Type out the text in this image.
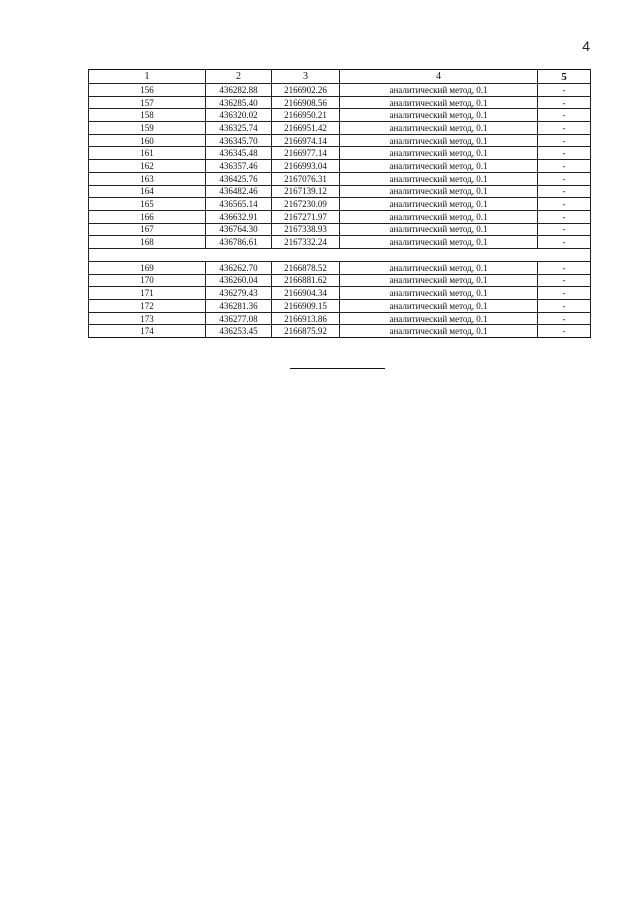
4
1	2	3	4	5
156	436282.88	2166902.26	аналитический метод, 0.1	-
157	436285.40	2166908.56	аналитический метод, 0.1	-
158	436320.02	2166950.21	аналитический метод, 0.1	-
159	436325.74	2166951.42	аналитический метод, 0.1	-
160	436345.70	2166974.14	аналитический метод, 0.1	-
161	436345.48	2166977.14	аналитический метод, 0.1	-
162	436357.46	2166993.04	аналитический метод, 0.1	-
163	436425.76	2167076.31	аналитический метод, 0.1	-
164	436482.46	2167139.12	аналитический метод, 0.1	-
165	436565.14	2167230.09	аналитический метод, 0.1	-
166	436632.91	2167271.97	аналитический метод, 0.1	-
167	436764.30	2167338.93	аналитический метод, 0.1	-
168	436786.61	2167332.24	аналитический метод, 0.1	-

169	436262.70	2166878.52	аналитический метод, 0.1	-
170	436260.04	2166881.62	аналитический метод, 0.1	-
171	436279.43	2166904.34	аналитический метод, 0.1	-
172	436281.36	2166909.15	аналитический метод, 0.1	-
173	436277.08	2166913.86	аналитический метод, 0.1	-
174	436253.45	2166875.92	аналитический метод, 0.1	-
